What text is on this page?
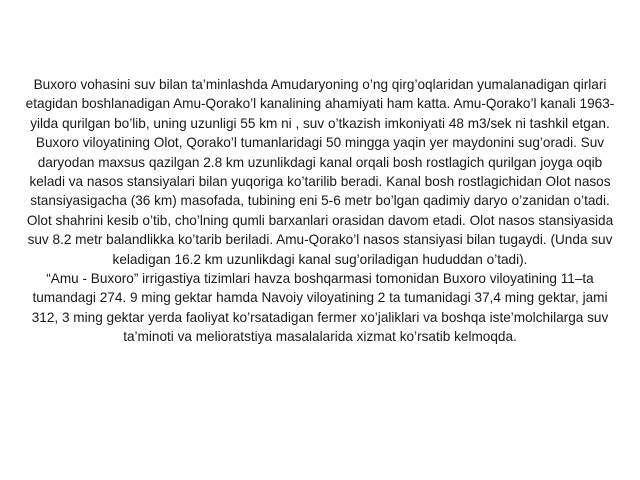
Buxoro vohasini suv bilan ta’minlashda Amudaryoning o’ng qirg’oqlaridan yumalanadigan qirlari etagidan boshlanadigan Amu-Qorako’l kanalining ahamiyati ham katta. Amu-Qorako’l kanali 1963-yilda qurilgan bo’lib, uning uzunligi 55 km ni , suv o’tkazish imkoniyati 48 m3/sek ni tashkil etgan. Buxoro viloyatining Olot, Qorako’l tumanlaridagi 50 mingga yaqin yer maydonini sug’oradi. Suv daryodan maxsus qazilgan 2.8 km uzunlikdagi kanal orqali bosh rostlagich qurilgan joyga oqib keladi va nasos stansiyalari bilan yuqoriga ko’tarilib beradi. Kanal bosh rostlagichidan Olot nasos stansiyasigacha (36 km) masofada, tubining eni 5-6 metr bo’lgan qadimiy daryo o’zanidan o’tadi. Olot shahrini kesib o’tib, cho’lning qumli barxanlari orasidan davom etadi. Olot nasos stansiyasida suv 8.2 metr balandlikka ko’tarib beriladi. Amu-Qorako’l nasos stansiyasi bilan tugaydi. (Unda suv keladigan 16.2 km uzunlikdagi kanal sug’oriladigan hududdan o’tadi).

“Amu - Buxoro” irrigastiya tizimlari havza boshqarmasi tomonidan Buxoro viloyatining 11–ta tumandagi 274. 9 ming gektar hamda Navoiy viloyatining 2 ta tumanidagi 37,4 ming gektar, jami 312, 3 ming gektar yerda faoliyat ko’rsatadigan fermer xo’jaliklari va boshqa iste’molchilarga suv ta’minoti va melioratstiya masalalarida xizmat ko’rsatib kelmoqda.
